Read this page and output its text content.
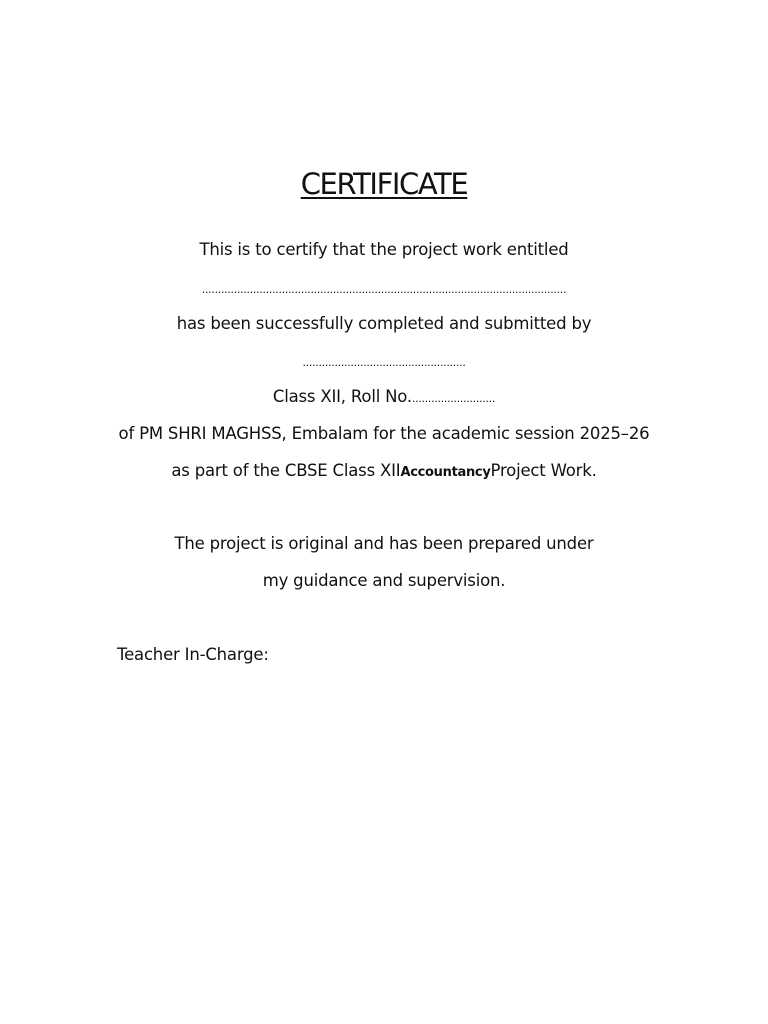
CERTIFICATE
This is to certify that the project work entitled
..................................................................................................................
has been successfully completed and submitted by
...................................................
Class XII, Roll No...........................
of PM SHRI MAGHSS, Embalam for the academic session 2025–26
as part of the CBSE Class XIIAccountancyProject Work.
The project is original and has been prepared under
my guidance and supervision.
Teacher In-Charge:
